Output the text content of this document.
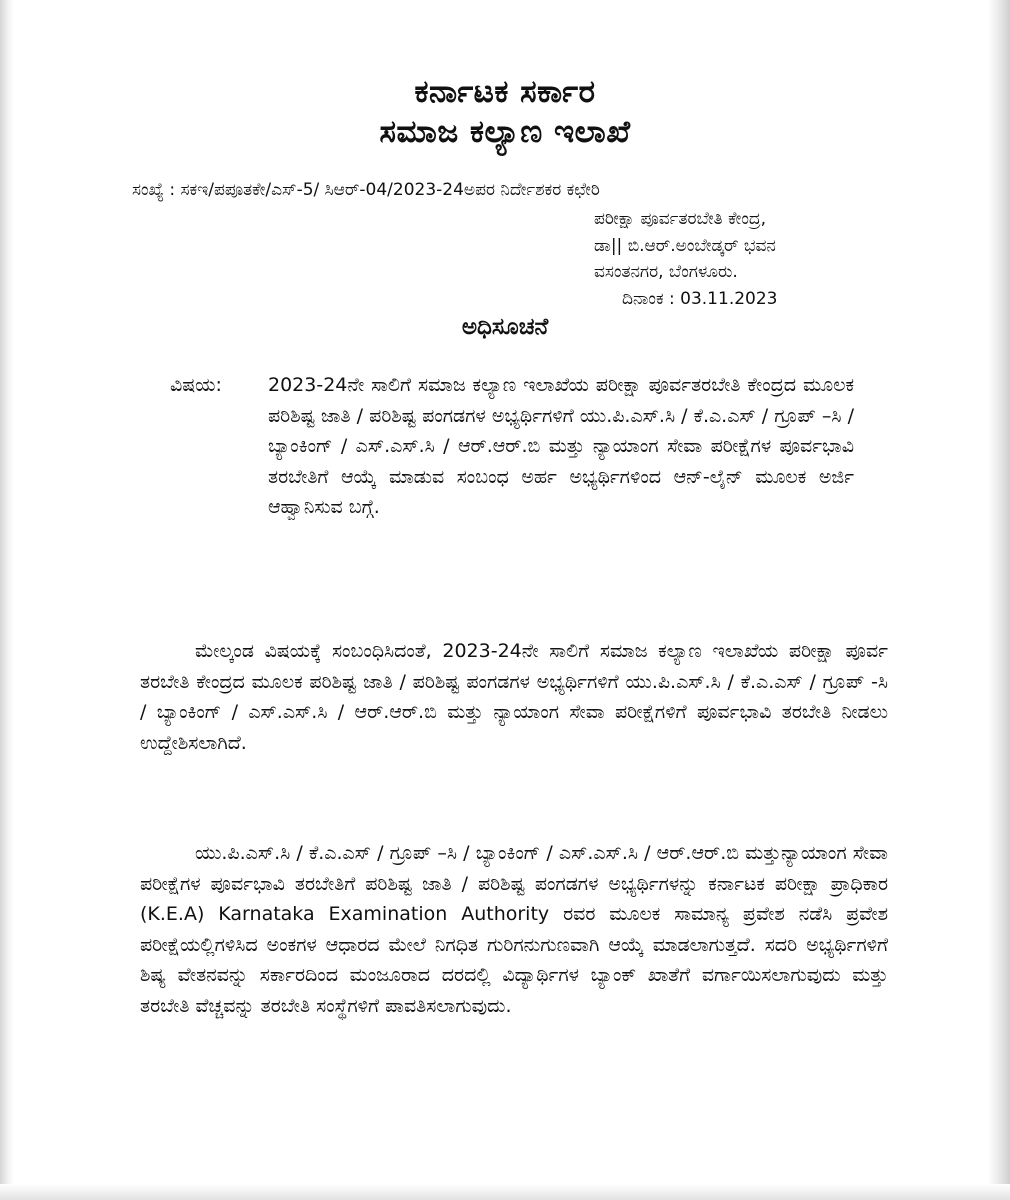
ಕರ್ನಾಟಕ ಸರ್ಕಾರ
ಸಮಾಜ ಕಲ್ಯಾಣ ಇಲಾಖೆ

ಸಂಖ್ಯೆ : ಸಕಇ/ಪಪೂತಕೇ/ಎಸ್-5/ ಸಿಆರ್-04/2023-24ಅಪರ ನಿರ್ದೇಶಕರ ಕಛೇರಿ

ಪರೀಕ್ಷಾ ಪೂರ್ವತರಬೇತಿ ಕೇಂದ್ರ,
ಡಾ|| ಬಿ.ಆರ್.ಅಂಬೇಡ್ಕರ್ ಭವನ
ವಸಂತನಗರ, ಬೆಂಗಳೂರು.
ದಿನಾಂಕ : 03.11.2023
ಅಧಿಸೂಚನೆ
ವಿಷಯ: 2023-24ನೇ ಸಾಲಿಗೆ ಸಮಾಜ ಕಲ್ಯಾಣ ಇಲಾಖೆಯ ಪರೀಕ್ಷಾ ಪೂರ್ವತರಬೇತಿ ಕೇಂದ್ರದ ಮೂಲಕ ಪರಿಶಿಷ್ಟ ಜಾತಿ / ಪರಿಶಿಷ್ಟ ಪಂಗಡಗಳ ಅಭ್ಯರ್ಥಿಗಳಿಗೆ ಯು.ಪಿ.ಎಸ್.ಸಿ / ಕೆ.ಎ.ಎಸ್ / ಗ್ರೂಪ್ –ಸಿ / ಬ್ಯಾಂಕಿಂಗ್ / ಎಸ್.ಎಸ್.ಸಿ / ಆರ್.ಆರ್.ಬಿ ಮತ್ತು ನ್ಯಾಯಾಂಗ ಸೇವಾ ಪರೀಕ್ಷೆಗಳ ಪೂರ್ವಭಾವಿ ತರಬೇತಿಗೆ ಆಯ್ಕೆ ಮಾಡುವ ಸಂಬಂಧ ಅರ್ಹ ಅಭ್ಯರ್ಥಿಗಳಿಂದ ಆನ್-ಲೈನ್ ಮೂಲಕ ಅರ್ಜಿ ಆಹ್ವಾನಿಸುವ ಬಗ್ಗೆ.

ಮೇಲ್ಕಂಡ ವಿಷಯಕ್ಕೆ ಸಂಬಂಧಿಸಿದಂತೆ, 2023-24ನೇ ಸಾಲಿಗೆ ಸಮಾಜ ಕಲ್ಯಾಣ ಇಲಾಖೆಯ ಪರೀಕ್ಷಾ ಪೂರ್ವ ತರಬೇತಿ ಕೇಂದ್ರದ ಮೂಲಕ ಪರಿಶಿಷ್ಟ ಜಾತಿ / ಪರಿಶಿಷ್ಟ ಪಂಗಡಗಳ ಅಭ್ಯರ್ಥಿಗಳಿಗೆ ಯು.ಪಿ.ಎಸ್.ಸಿ / ಕೆ.ಎ.ಎಸ್ / ಗ್ರೂಪ್ -ಸಿ / ಬ್ಯಾಂಕಿಂಗ್ / ಎಸ್.ಎಸ್.ಸಿ / ಆರ್.ಆರ್.ಬಿ ಮತ್ತು ನ್ಯಾಯಾಂಗ ಸೇವಾ ಪರೀಕ್ಷೆಗಳಿಗೆ ಪೂರ್ವಭಾವಿ ತರಬೇತಿ ನೀಡಲು ಉದ್ದೇಶಿಸಲಾಗಿದೆ.

ಯು.ಪಿ.ಎಸ್.ಸಿ / ಕೆ.ಎ.ಎಸ್ / ಗ್ರೂಪ್ –ಸಿ / ಬ್ಯಾಂಕಿಂಗ್ / ಎಸ್.ಎಸ್.ಸಿ / ಆರ್.ಆರ್.ಬಿ ಮತ್ತುನ್ಯಾಯಾಂಗ ಸೇವಾ ಪರೀಕ್ಷೆಗಳ ಪೂರ್ವಭಾವಿ ತರಬೇತಿಗೆ ಪರಿಶಿಷ್ಟ ಜಾತಿ / ಪರಿಶಿಷ್ಟ ಪಂಗಡಗಳ ಅಭ್ಯರ್ಥಿಗಳನ್ನು ಕರ್ನಾಟಕ ಪರೀಕ್ಷಾ ಪ್ರಾಧಿಕಾರ (K.E.A) Karnataka Examination Authority ರವರ ಮೂಲಕ ಸಾಮಾನ್ಯ ಪ್ರವೇಶ ನಡೆಸಿ ಪ್ರವೇಶ ಪರೀಕ್ಷೆಯಲ್ಲಿಗಳಿಸಿದ ಅಂಕಗಳ ಆಧಾರದ ಮೇಲೆ ನಿಗಧಿತ ಗುರಿಗನುಗುಣವಾಗಿ ಆಯ್ಕೆ ಮಾಡಲಾಗುತ್ತದೆ. ಸದರಿ ಅಭ್ಯರ್ಥಿಗಳಿಗೆ ಶಿಷ್ಯ ವೇತನವನ್ನು ಸರ್ಕಾರದಿಂದ ಮಂಜೂರಾದ ದರದಲ್ಲಿ ವಿದ್ಯಾರ್ಥಿಗಳ ಬ್ಯಾಂಕ್ ಖಾತೆಗೆ ವರ್ಗಾಯಿಸಲಾಗುವುದು ಮತ್ತು ತರಬೇತಿ ವೆಚ್ಚವನ್ನು ತರಬೇತಿ ಸಂಸ್ಥೆಗಳಿಗೆ ಪಾವತಿಸಲಾಗುವುದು.
